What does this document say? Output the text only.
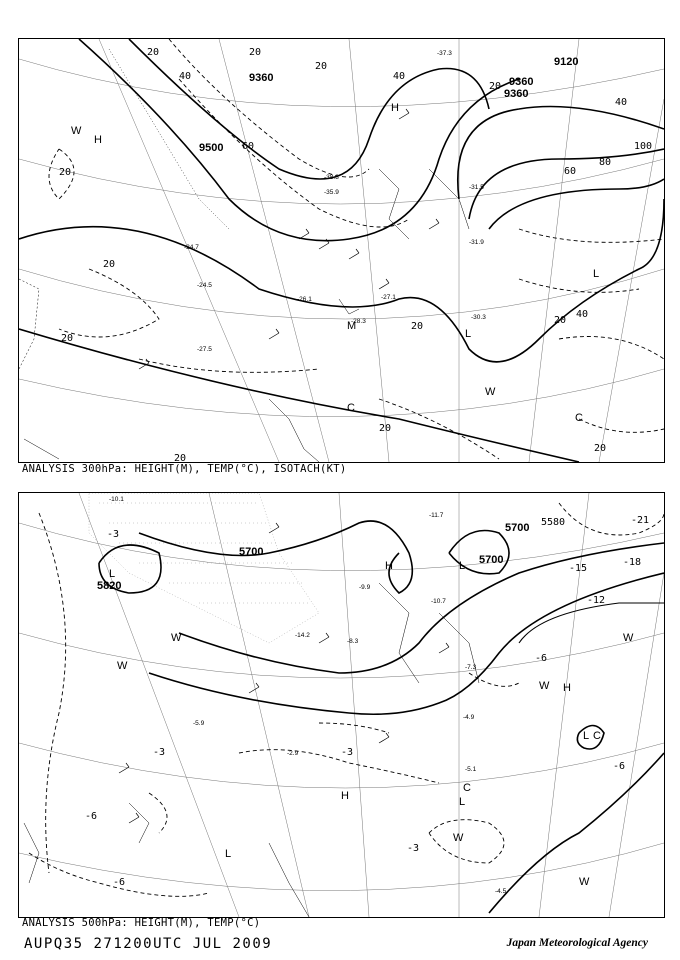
9360
9500
9360
9360
9120
20
40
60
20
40
20
20
40
60
80
100
40
20
20
20
20
20
20
20
20
-37.3
-35.9
-31.9
-30.3
-24.5
-27.5
-26.1
-28.3
-27.1
-31.5
-38.3
-24.7
H
H
L
L
M
W
W
C
C
ANALYSIS 300hPa: HEIGHT(M), TEMP(°C), ISOTACH(KT)
5820
5700
5700
5700
5580
-3
-6
-3
-6
-21
-18
-15
-12
-6
-3
-6
-3
-11.7
-10.7
-5.1
-4.5
-9.9
-8.3
-7.3
-14.2
-10.1
-2.9
-5.9
-4.9
L
L
L
L
L
H
H
H
W
W
W
W
W
W
C
C
ANALYSIS 500hPa: HEIGHT(M), TEMP(°C)
AUPQ35 271200UTC JUL 2009	Japan Meteorological Agency
